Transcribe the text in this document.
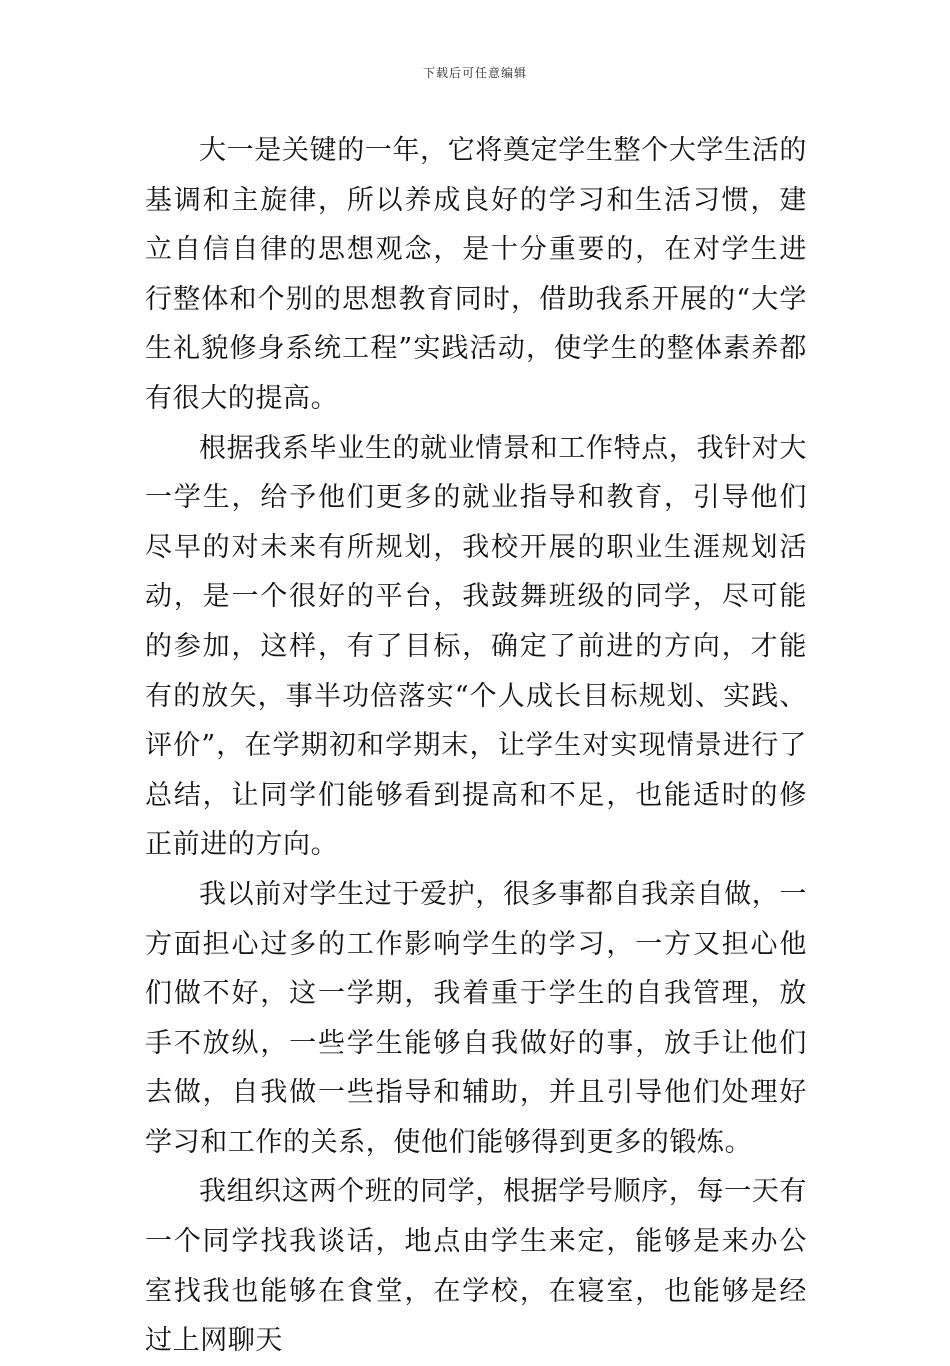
下载后可任意编辑

大一是关键的一年，它将奠定学生整个大学生活的基调和主旋律，所以养成良好的学习和生活习惯，建立自信自律的思想观念，是十分重要的，在对学生进行整体和个别的思想教育同时，借助我系开展的“大学生礼貌修身系统工程”实践活动，使学生的整体素养都有很大的提高。

根据我系毕业生的就业情景和工作特点，我针对大一学生，给予他们更多的就业指导和教育，引导他们尽早的对未来有所规划，我校开展的职业生涯规划活动，是一个很好的平台，我鼓舞班级的同学，尽可能的参加，这样，有了目标，确定了前进的方向，才能有的放矢，事半功倍落实“个人成长目标规划、实践、评价”，在学期初和学期末，让学生对实现情景进行了总结，让同学们能够看到提高和不足，也能适时的修正前进的方向。

我以前对学生过于爱护，很多事都自我亲自做，一方面担心过多的工作影响学生的学习，一方又担心他们做不好，这一学期，我着重于学生的自我管理，放手不放纵，一些学生能够自我做好的事，放手让他们去做，自我做一些指导和辅助，并且引导他们处理好学习和工作的关系，使他们能够得到更多的锻炼。

我组织这两个班的同学，根据学号顺序，每一天有一个同学找我谈话，地点由学生来定，能够是来办公室找我也能够在食堂，在学校，在寝室，也能够是经过上网聊天
